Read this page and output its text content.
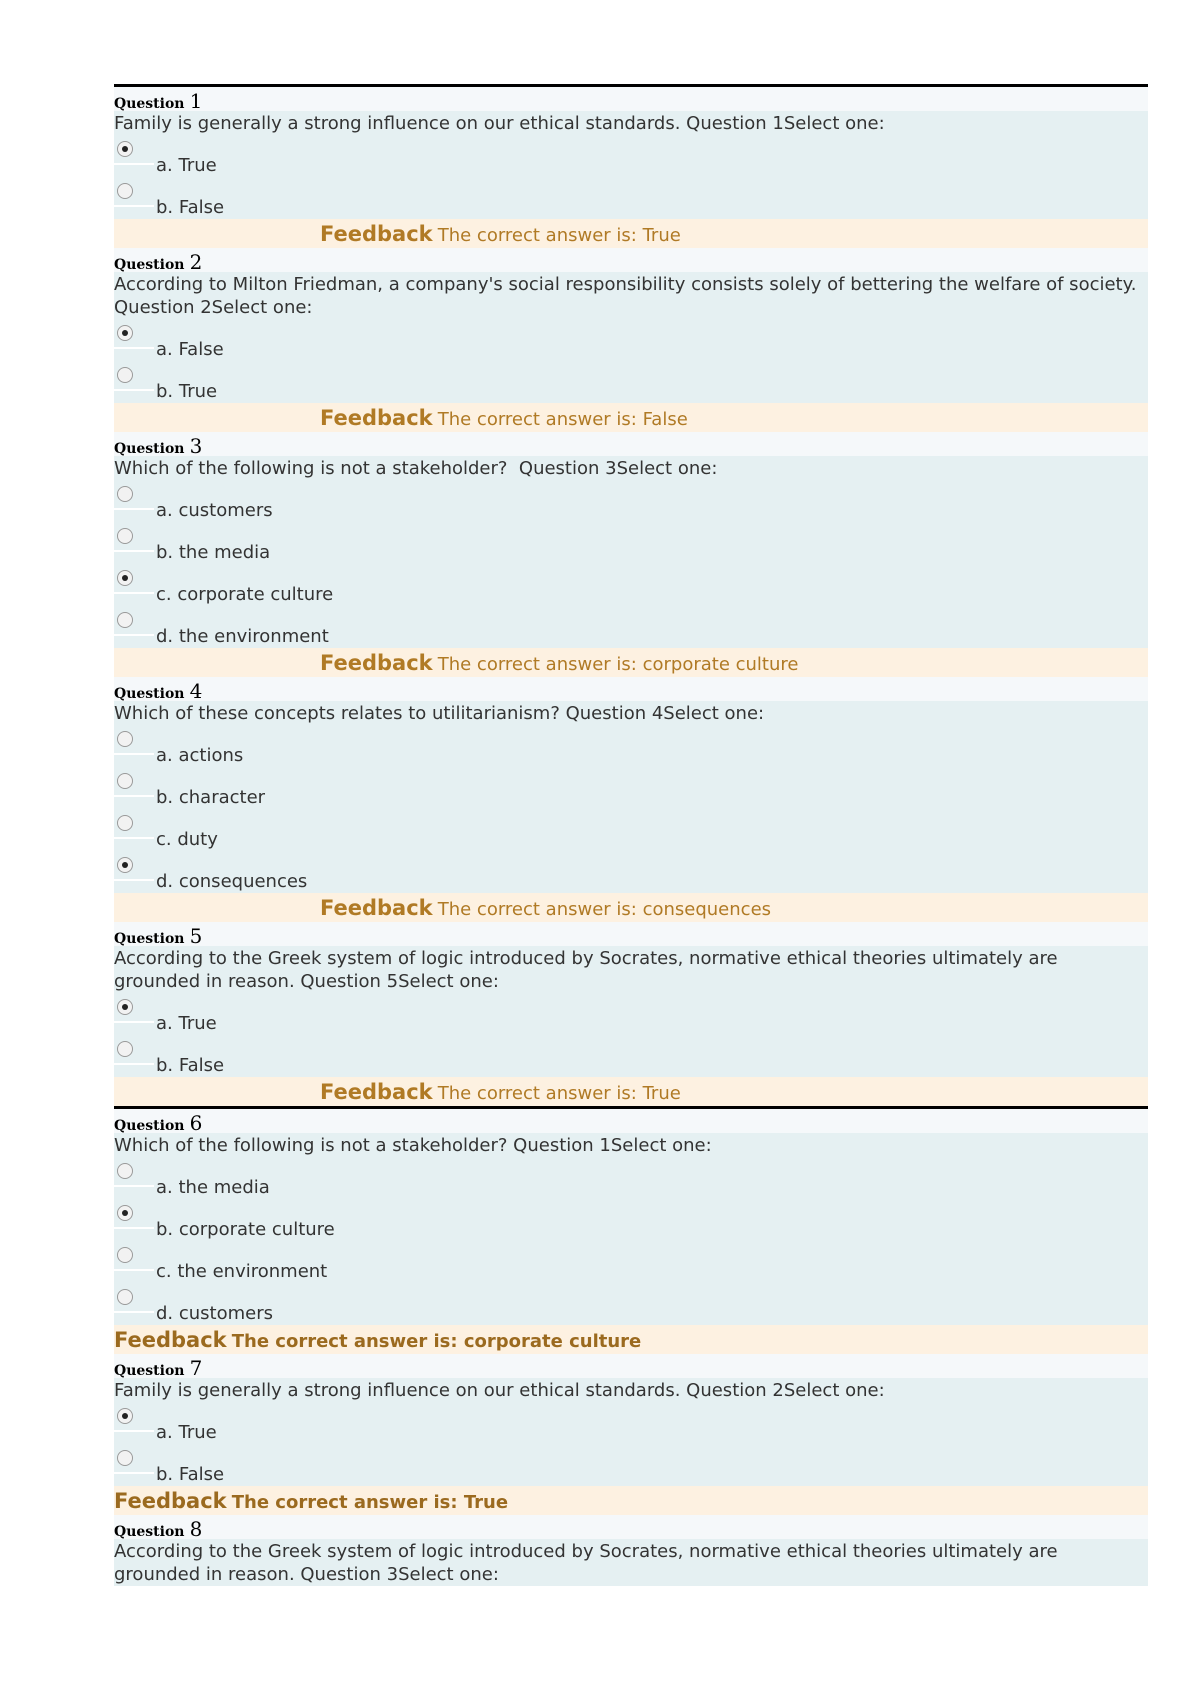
Question 1

Family is generally a strong influence on our ethical standards. Question 1Select one:

a. True
b. False
Feedback The correct answer is: True
Question 2

According to Milton Friedman, a company's social responsibility consists solely of bettering the welfare of society. Question 2Select one:

a. False
b. True
Feedback The correct answer is: False
Question 3

Which of the following is not a stakeholder?  Question 3Select one:

a. customers
b. the media
c. corporate culture
d. the environment
Feedback The correct answer is: corporate culture
Question 4

Which of these concepts relates to utilitarianism? Question 4Select one:

a. actions
b. character
c. duty
d. consequences
Feedback The correct answer is: consequences
Question 5

According to the Greek system of logic introduced by Socrates, normative ethical theories ultimately are grounded in reason. Question 5Select one:

a. True
b. False
Feedback The correct answer is: True
Question 6

Which of the following is not a stakeholder? Question 1Select one:

a. the media
b. corporate culture
c. the environment
d. customers
Feedback The correct answer is: corporate culture
Question 7

Family is generally a strong influence on our ethical standards. Question 2Select one:

a. True
b. False
Feedback The correct answer is: True
Question 8

According to the Greek system of logic introduced by Socrates, normative ethical theories ultimately are grounded in reason. Question 3Select one:
